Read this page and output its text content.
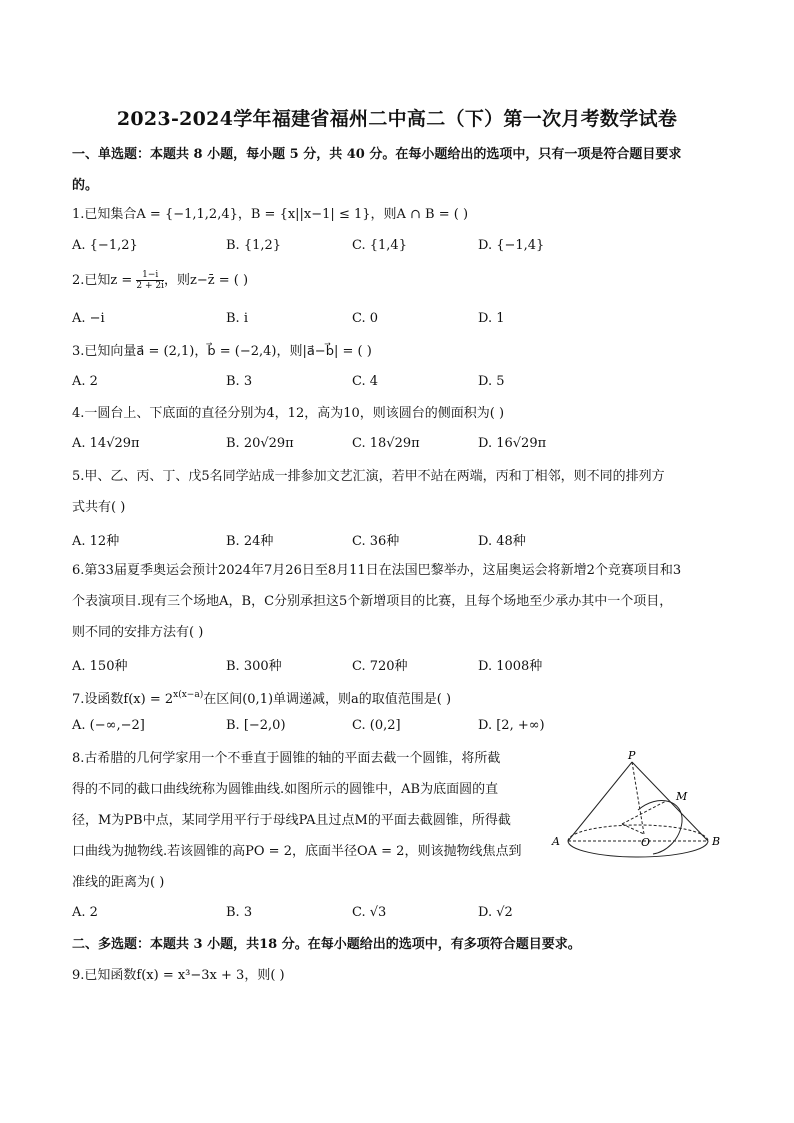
2023-2024学年福建省福州二中高二（下）第一次月考数学试卷
一、单选题：本题共 8 小题，每小题 5 分，共 40 分。在每小题给出的选项中，只有一项是符合题目要求
的。
1.已知集合A = {−1,1,2,4}，B = {x||x−1| ≤ 1}，则A ∩ B = ( )
A. {−1,2}	B. {1,2}	C. {1,4}	D. {−1,4}
2.已知$z = \frac{1-i}{2 + 2i}$ ，则z−z̄ = ( )
A. −i	B. i	C. 0	D. 1
3.已知向量a⃗ = (2,1)，b⃗ = (−2,4)，则|a⃗−b⃗| = ( )
A. 2	B. 3	C. 4	D. 5
4.一圆台上、下底面的直径分别为4，12，高为10，则该圆台的侧面积为( )
A. 14√29π	B. 20√29π	C. 18√29π	D. 16√29π
5.甲、乙、丙、丁、戊5名同学站成一排参加文艺汇演，若甲不站在两端，丙和丁相邻，则不同的排列方
式共有( )
A. 12种	B. 24种	C. 36种	D. 48种
6.第33届夏季奥运会预计2024年7月26日至8月11日在法国巴黎举办，这届奥运会将新增2个竞赛项目和3
个表演项目.现有三个场地A，B，C分别承担这5个新增项目的比赛，且每个场地至少承办其中一个项目，
则不同的安排方法有( )
A. 150种	B. 300种	C. 720种	D. 1008种
7.设函数$f(x) = 2^{x(x-a)}$在区间(0,1)单调递减，则a的取值范围是( )
A. (−∞,−2]	B. [−2,0)	C. (0,2]	D. [2, +∞)
8.古希腊的几何学家用一个不垂直于圆锥的轴的平面去截一个圆锥，将所截
得的不同的截口曲线统称为圆锥曲线.如图所示的圆锥中，AB为底面圆的直
径，M为PB中点，某同学用平行于母线PA且过点M的平面去截圆锥，所得截
口曲线为抛物线.若该圆锥的高PO = 2，底面半径OA = 2，则该抛物线焦点到
准线的距离为( )
P
M
A	O	B
A. 2	B. 3	C. √3	D. √2
二、多选题：本题共 3 小题，共18 分。在每小题给出的选项中，有多项符合题目要求。
9.已知函数f(x) = x³−3x + 3，则( )
